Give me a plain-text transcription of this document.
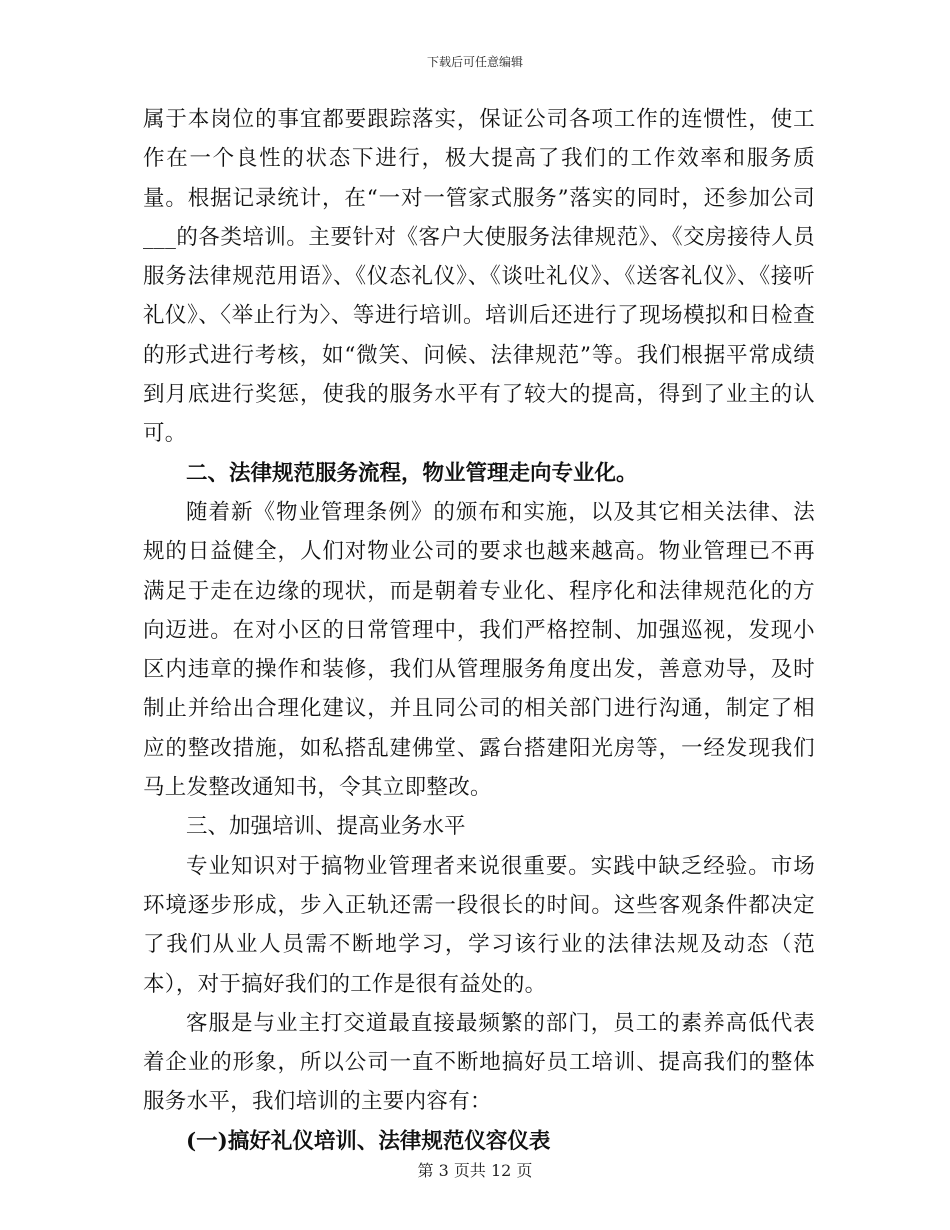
下载后可任意编辑

属于本岗位的事宜都要跟踪落实，保证公司各项工作的连惯性，使工作在一个良性的状态下进行，极大提高了我们的工作效率和服务质量。根据记录统计，在“一对一管家式服务”落实的同时，还参加公司___的各类培训。主要针对《客户大使服务法律规范》、《交房接待人员服务法律规范用语》、《仪态礼仪》、《谈吐礼仪》、《送客礼仪》、《接听礼仪》、〈举止行为〉、等进行培训。培训后还进行了现场模拟和日检查的形式进行考核，如“微笑、问候、法律规范”等。我们根据平常成绩到月底进行奖惩，使我的服务水平有了较大的提高，得到了业主的认可。

二、法律规范服务流程，物业管理走向专业化。

随着新《物业管理条例》的颁布和实施，以及其它相关法律、法规的日益健全，人们对物业公司的要求也越来越高。物业管理已不再满足于走在边缘的现状，而是朝着专业化、程序化和法律规范化的方向迈进。在对小区的日常管理中，我们严格控制、加强巡视，发现小区内违章的操作和装修，我们从管理服务角度出发，善意劝导，及时制止并给出合理化建议，并且同公司的相关部门进行沟通，制定了相应的整改措施，如私搭乱建佛堂、露台搭建阳光房等，一经发现我们马上发整改通知书，令其立即整改。

三、加强培训、提高业务水平

专业知识对于搞物业管理者来说很重要。实践中缺乏经验。市场环境逐步形成，步入正轨还需一段很长的时间。这些客观条件都决定了我们从业人员需不断地学习，学习该行业的法律法规及动态（范本），对于搞好我们的工作是很有益处的。

客服是与业主打交道最直接最频繁的部门，员工的素养高低代表着企业的形象，所以公司一直不断地搞好员工培训、提高我们的整体服务水平，我们培训的主要内容有：

(一)搞好礼仪培训、法律规范仪容仪表

第 3 页共 12 页
